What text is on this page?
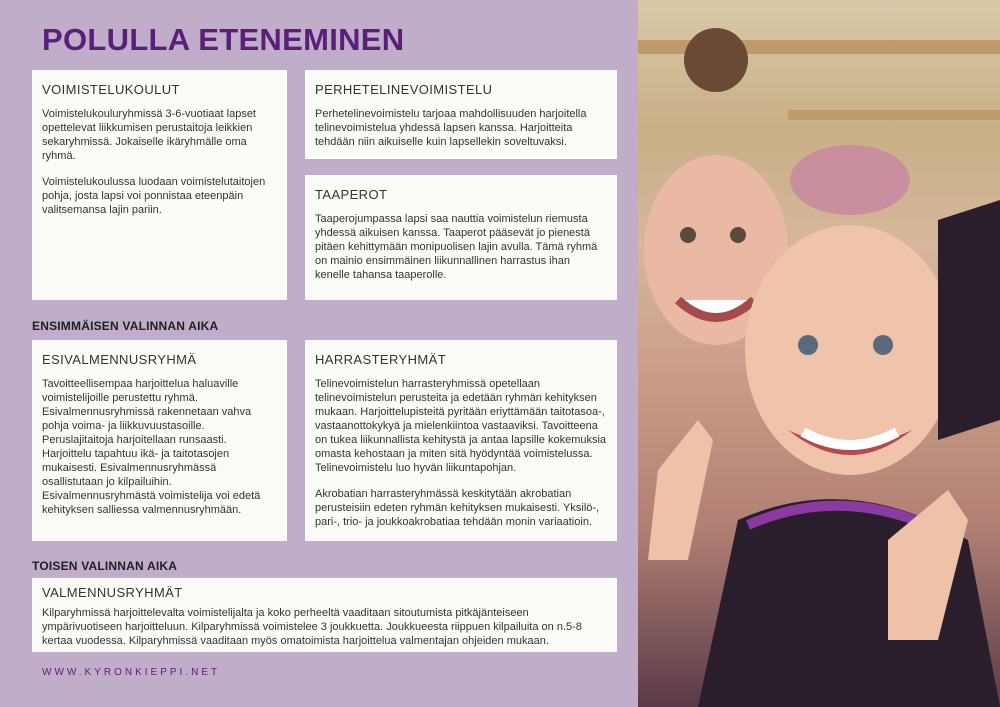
POLULLA ETENEMINEN
VOIMISTELUKOULUT

Voimistelukouluryhmissä 3-6-vuotiaat lapset opettelevat liikkumisen perustaitoja leikkien sekaryhmissä. Jokaiselle ikäryhmälle oma ryhmä.

Voimistelukoulussa luodaan voimistelutaitojen pohja, josta lapsi voi ponnistaa eteenpäin valitsemansa lajin pariin.

PERHETELINEVOIMISTELU

Perhetelinevoimistelu tarjoaa mahdollisuuden harjoitella telinevoimistelua yhdessä lapsen kanssa. Harjoitteita tehdään niin aikuiselle kuin lapsellekin soveltuvaksi.

TAAPEROT

Taaperojumpassa lapsi saa nauttia voimistelun riemusta yhdessä aikuisen kanssa. Taaperot pääsevät jo pienestä pitäen kehittymään monipuolisen lajin avulla. Tämä ryhmä on mainio ensimmäinen liikunnallinen harrastus ihan kenelle tahansa taaperolle.

ENSIMMÄISEN VALINNAN AIKA
ESIVALMENNUSRYHMÄ

Tavoitteellisempaa harjoittelua haluaville voimistelijoille perustettu ryhmä. Esivalmennusryhmissä rakennetaan vahva pohja voima- ja liikkuvuustasoille. Peruslajitaitoja harjoitellaan runsaasti. Harjoittelu tapahtuu ikä- ja taitotasojen mukaisesti. Esivalmennusryhmässä osallistutaan jo kilpailuihin. Esivalmennusryhmästä voimistelija voi edetä kehityksen salliessa valmennusryhmään.

HARRASTERYHMÄT

Telinevoimistelun harrasteryhmissä opetellaan telinevoimistelun perusteita ja edetään ryhmän kehityksen mukaan. Harjoittelupisteitä pyritään eriyttämään taitotasoa-, vastaanottokykyä ja mielenkiintoa vastaaviksi. Tavoitteena on tukea liikunnallista kehitystä ja antaa lapsille kokemuksia omasta kehostaan ja miten sitä hyödyntää voimistelussa. Telinevoimistelu luo hyvän liikuntapohjan.

Akrobatian harrasteryhmässä keskitytään akrobatian perusteisiin edeten ryhmän kehityksen mukaisesti. Yksilö-, pari-, trio- ja joukkoakrobatiaa tehdään monin variaatioin.

TOISEN VALINNAN AIKA
VALMENNUSRYHMÄT

Kilparyhmissä harjoittelevalta voimistelijalta ja koko perheeltä vaaditaan sitoutumista pitkäjänteiseen ympärivuotiseen harjoitteluun. Kilparyhmissä voimistelee 3 joukkuetta. Joukkueesta riippuen kilpailuita on n.5-8 kertaa vuodessa. Kilparyhmissä vaaditaan myös omatoimista harjoittelua valmentajan ohjeiden mukaan.

WWW.KYRONKIEPPI.NET
